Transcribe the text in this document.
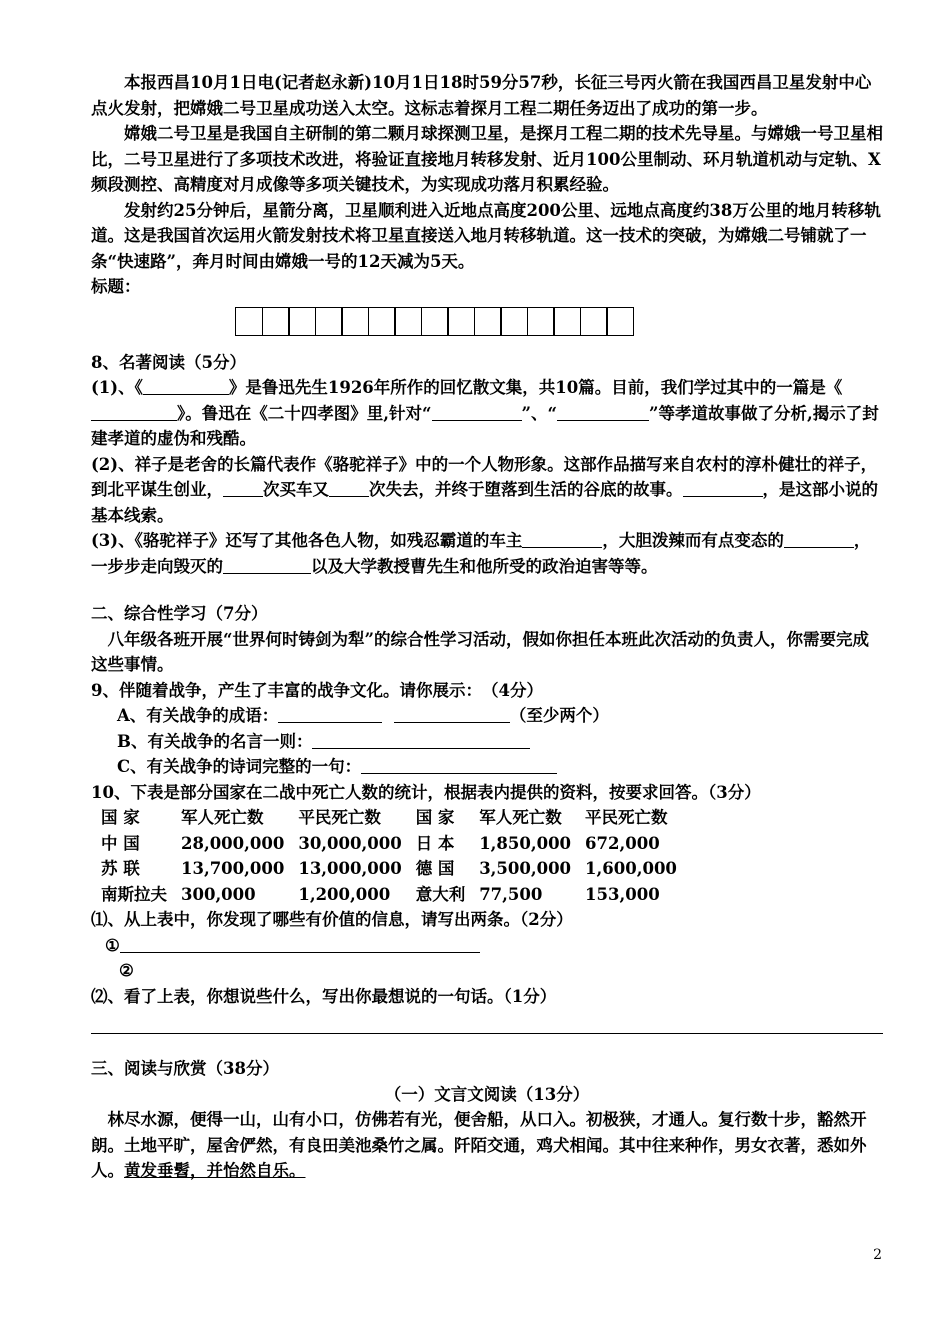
本报西昌10月1日电(记者赵永新)10月1日18时59分57秒，长征三号丙火箭在我国西昌卫星发射中心点火发射，把嫦娥二号卫星成功送入太空。这标志着探月工程二期任务迈出了成功的第一步。

嫦娥二号卫星是我国自主研制的第二颗月球探测卫星，是探月工程二期的技术先导星。与嫦娥一号卫星相比，二号卫星进行了多项技术改进，将验证直接地月转移发射、近月100公里制动、环月轨道机动与定轨、X频段测控、高精度对月成像等多项关键技术，为实现成功落月积累经验。

发射约25分钟后，星箭分离，卫星顺利进入近地点高度200公里、远地点高度约38万公里的地月转移轨道。这是我国首次运用火箭发射技术将卫星直接送入地月转移轨道。这一技术的突破，为嫦娥二号铺就了一条“快速路”，奔月时间由嫦娥一号的12天减为5天。

标题：

8、名著阅读（5分）

(1)、《	》是鲁迅先生1926年所作的回忆散文集，共10篇。目前，我们学过其中的一篇是《》。鲁迅在《二十四孝图》里,针对“	”、“	”等孝道故事做了分析,揭示了封建孝道的虚伪和残酷。

(2)、祥子是老舍的长篇代表作《骆驼祥子》中的一个人物形象。这部作品描写来自农村的淳朴健壮的祥子，到北平谋生创业， 次买车又 次失去，并终于堕落到生活的谷底的故事。	，是这部小说的基本线索。

(3)、《骆驼祥子》还写了其他各色人物，如残忍霸道的车主	，大胆泼辣而有点变态的	，一步步走向毁灭的	以及大学教授曹先生和他所受的政治迫害等等。

二、综合性学习（7分）

八年级各班开展“世界何时铸剑为犁”的综合性学习活动，假如你担任本班此次活动的负责人，你需要完成这些事情。

9、伴随着战争，产生了丰富的战争文化。请你展示：　（4分）

A、有关战争的成语：	（至少两个）

B、有关战争的名言一则：

C、有关战争的诗词完整的一句：

10、下表是部分国家在二战中死亡人数的统计，根据表内提供的资料，按要求回答。（3分）

国 家	军人死亡数	平民死亡数	国 家	军人死亡数	平民死亡数
中 国	28,000,000	30,000,000	日 本	1,850,000	672,000
苏 联	13,700,000	13,000,000	德 国	3,500,000	1,600,000
南斯拉夫	300,000	1,200,000	意大利	77,500	153,000

⑴、从上表中，你发现了哪些有价值的信息，请写出两条。（2分）

①

②

⑵、看了上表，你想说些什么，写出你最想说的一句话。（1分）

三、阅读与欣赏（38分）

（一）文言文阅读（13分）

林尽水源，便得一山，山有小口，仿佛若有光，便舍船，从口入。初极狭，才通人。复行数十步，豁然开朗。土地平旷，屋舍俨然，有良田美池桑竹之属。阡陌交通，鸡犬相闻。其中往来种作，男女衣著，悉如外人。黄发垂髫，并怡然自乐。

2
